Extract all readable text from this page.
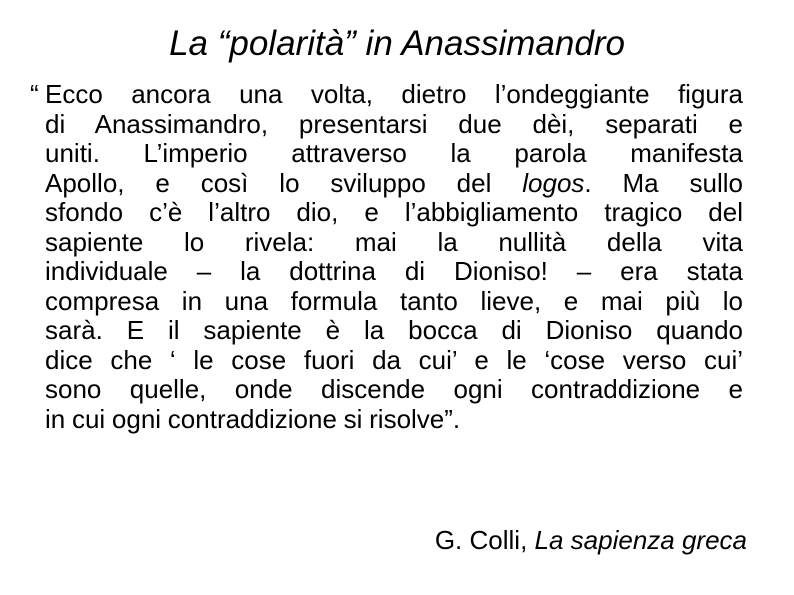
La “polarità” in Anassimandro
“ Ecco ancora una volta, dietro l’ondeggiante figura
di Anassimandro, presentarsi due dèi, separati e
uniti. L’imperio attraverso la parola manifesta
Apollo, e così lo sviluppo del logos. Ma sullo
sfondo c’è l’altro dio, e l’abbigliamento tragico del
sapiente lo rivela: mai la nullità della vita
individuale – la dottrina di Dioniso! – era stata
compresa in una formula tanto lieve, e mai più lo
sarà. E il sapiente è la bocca di Dioniso quando
dice che ‘ le cose fuori da cui’ e le ‘cose verso cui’
sono quelle, onde discende ogni contraddizione e
in cui ogni contraddizione si risolve”.

G. Colli, La sapienza greca
